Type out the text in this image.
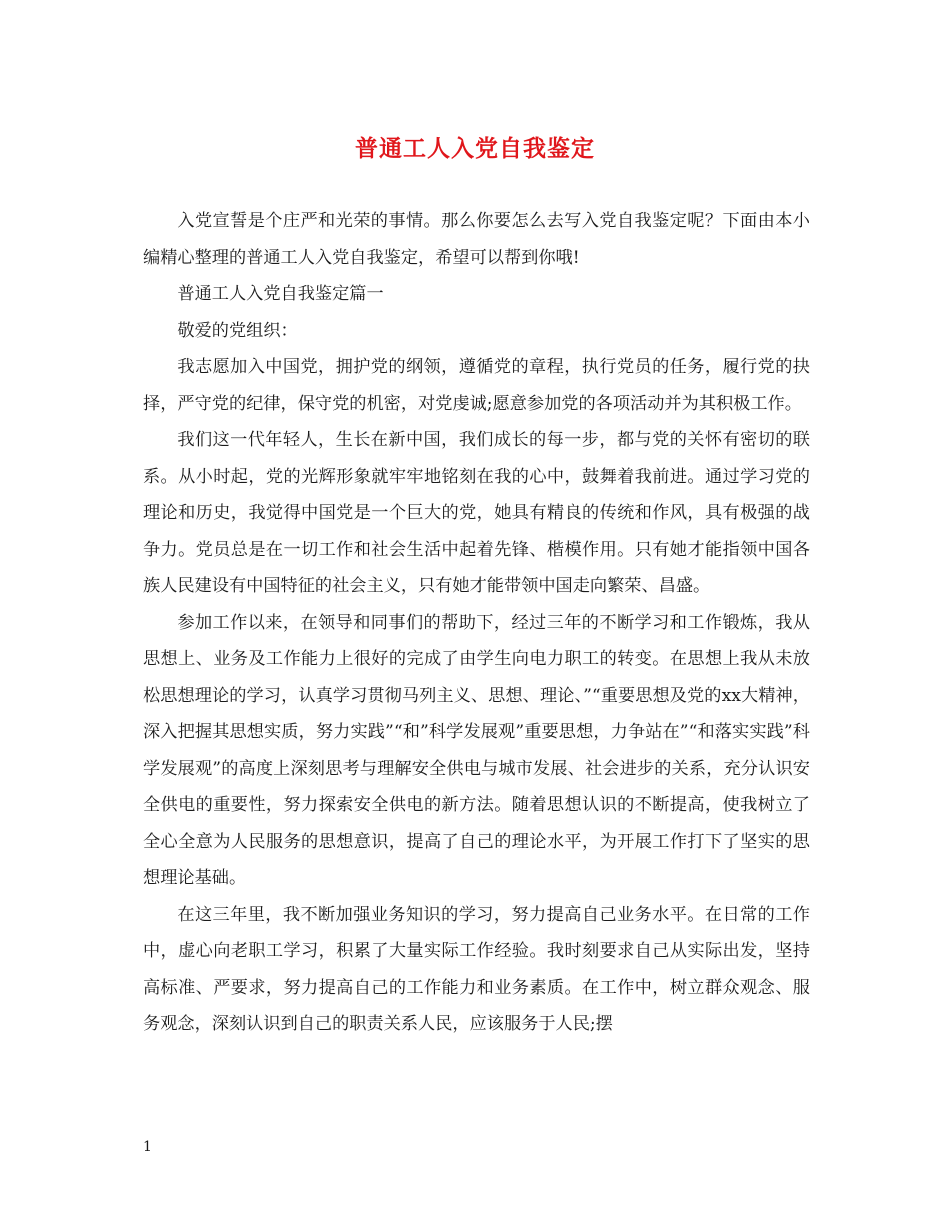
普通工人入党自我鉴定

入党宣誓是个庄严和光荣的事情。那么你要怎么去写入党自我鉴定呢？下面由本小编精心整理的普通工人入党自我鉴定，希望可以帮到你哦!

普通工人入党自我鉴定篇一

敬爱的党组织：

我志愿加入中国党，拥护党的纲领，遵循党的章程，执行党员的任务，履行党的抉择，严守党的纪律，保守党的机密，对党虔诚;愿意参加党的各项活动并为其积极工作。

我们这一代年轻人，生长在新中国，我们成长的每一步，都与党的关怀有密切的联系。从小时起，党的光辉形象就牢牢地铭刻在我的心中，鼓舞着我前进。通过学习党的理论和历史，我觉得中国党是一个巨大的党，她具有精良的传统和作风，具有极强的战争力。党员总是在一切工作和社会生活中起着先锋、楷模作用。只有她才能指领中国各族人民建设有中国特征的社会主义，只有她才能带领中国走向繁荣、昌盛。

参加工作以来，在领导和同事们的帮助下，经过三年的不断学习和工作锻炼，我从思想上、业务及工作能力上很好的完成了由学生向电力职工的转变。在思想上我从未放松思想理论的学习，认真学习贯彻马列主义、思想、理论、”“重要思想及党的xx大精神，深入把握其思想实质，努力实践”“和”科学发展观”重要思想，力争站在”“和落实实践”科学发展观”的高度上深刻思考与理解安全供电与城市发展、社会进步的关系，充分认识安全供电的重要性，努力探索安全供电的新方法。随着思想认识的不断提高，使我树立了全心全意为人民服务的思想意识，提高了自己的理论水平，为开展工作打下了坚实的思想理论基础。

在这三年里，我不断加强业务知识的学习，努力提高自己业务水平。在日常的工作中，虚心向老职工学习，积累了大量实际工作经验。我时刻要求自己从实际出发，坚持高标准、严要求，努力提高自己的工作能力和业务素质。在工作中，树立群众观念、服务观念，深刻认识到自己的职责关系人民，应该服务于人民;摆

1
